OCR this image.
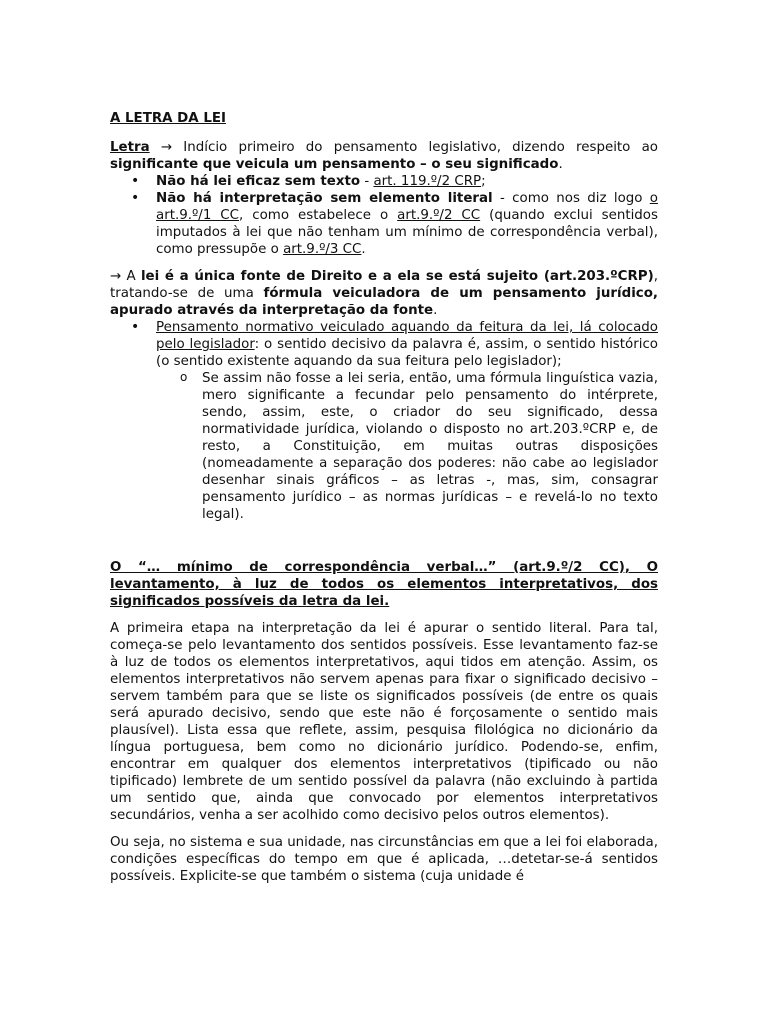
A LETRA DA LEI

Letra → Indício primeiro do pensamento legislativo, dizendo respeito ao significante que veicula um pensamento – o seu significado.

• Não há lei eficaz sem texto - art. 119.º/2 CRP;
• Não há interpretação sem elemento literal - como nos diz logo o art.9.º/1 CC, como estabelece o art.9.º/2 CC (quando exclui sentidos imputados à lei que não tenham um mínimo de correspondência verbal), como pressupõe o art.9.º/3 CC.

→ A lei é a única fonte de Direito e a ela se está sujeito (art.203.ºCRP), tratando-se de uma fórmula veiculadora de um pensamento jurídico, apurado através da interpretação da fonte.

• Pensamento normativo veiculado aquando da feitura da lei, lá colocado pelo legislador: o sentido decisivo da palavra é, assim, o sentido histórico (o sentido existente aquando da sua feitura pelo legislador);
o Se assim não fosse a lei seria, então, uma fórmula linguística vazia, mero significante a fecundar pelo pensamento do intérprete, sendo, assim, este, o criador do seu significado, dessa normatividade jurídica, violando o disposto no art.203.ºCRP e, de resto, a Constituição, em muitas outras disposições (nomeadamente a separação dos poderes: não cabe ao legislador desenhar sinais gráficos – as letras -, mas, sim, consagrar pensamento jurídico – as normas jurídicas – e revelá-lo no texto legal).

O “… mínimo de correspondência verbal…” (art.9.º/2 CC), O levantamento, à luz de todos os elementos interpretativos, dos significados possíveis da letra da lei.

A primeira etapa na interpretação da lei é apurar o sentido literal. Para tal, começa-se pelo levantamento dos sentidos possíveis. Esse levantamento faz-se à luz de todos os elementos interpretativos, aqui tidos em atenção. Assim, os elementos interpretativos não servem apenas para fixar o significado decisivo – servem também para que se liste os significados possíveis (de entre os quais será apurado decisivo, sendo que este não é forçosamente o sentido mais plausível). Lista essa que reflete, assim, pesquisa filológica no dicionário da língua portuguesa, bem como no dicionário jurídico. Podendo-se, enfim, encontrar em qualquer dos elementos interpretativos (tipificado ou não tipificado) lembrete de um sentido possível da palavra (não excluindo à partida um sentido que, ainda que convocado por elementos interpretativos secundários, venha a ser acolhido como decisivo pelos outros elementos).

Ou seja, no sistema e sua unidade, nas circunstâncias em que a lei foi elaborada, condições específicas do tempo em que é aplicada, …detetar-se-á sentidos possíveis. Explicite-se que também o sistema (cuja unidade é
